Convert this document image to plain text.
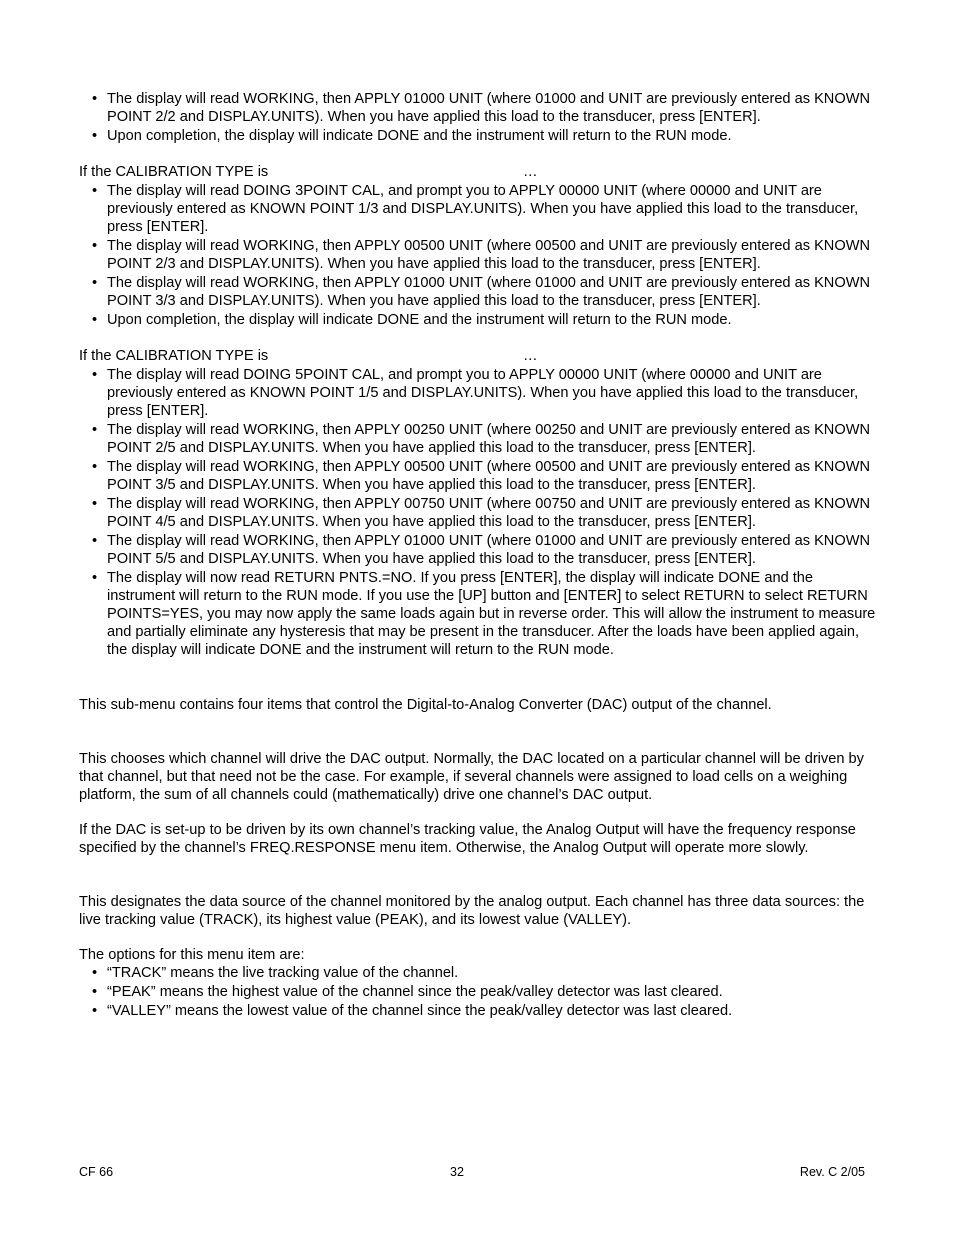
• The display will read WORKING, then APPLY 01000 UNIT (where 01000 and UNIT are previously entered as KNOWN POINT 2/2 and DISPLAY.UNITS). When you have applied this load to the transducer, press [ENTER].
• Upon completion, the display will indicate DONE and the instrument will return to the RUN mode.
If the CALIBRATION TYPE is	…
• The display will read DOING 3POINT CAL, and prompt you to APPLY 00000 UNIT (where 00000 and UNIT are previously entered as KNOWN POINT 1/3 and DISPLAY.UNITS). When you have applied this load to the transducer, press [ENTER].
• The display will read WORKING, then APPLY 00500 UNIT (where 00500 and UNIT are previously entered as KNOWN POINT 2/3 and DISPLAY.UNITS). When you have applied this load to the transducer, press [ENTER].
• The display will read WORKING, then APPLY 01000 UNIT (where 01000 and UNIT are previously entered as KNOWN POINT 3/3 and DISPLAY.UNITS). When you have applied this load to the transducer, press [ENTER].
• Upon completion, the display will indicate DONE and the instrument will return to the RUN mode.
If the CALIBRATION TYPE is	…
• The display will read DOING 5POINT CAL, and prompt you to APPLY 00000 UNIT (where 00000 and UNIT are previously entered as KNOWN POINT 1/5 and DISPLAY.UNITS). When you have applied this load to the transducer, press [ENTER].
• The display will read WORKING, then APPLY 00250 UNIT (where 00250 and UNIT are previously entered as KNOWN POINT 2/5 and DISPLAY.UNITS. When you have applied this load to the transducer, press [ENTER].
• The display will read WORKING, then APPLY 00500 UNIT (where 00500 and UNIT are previously entered as KNOWN POINT 3/5 and DISPLAY.UNITS. When you have applied this load to the transducer, press [ENTER].
• The display will read WORKING, then APPLY 00750 UNIT (where 00750 and UNIT are previously entered as KNOWN POINT 4/5 and DISPLAY.UNITS. When you have applied this load to the transducer, press [ENTER].
• The display will read WORKING, then APPLY 01000 UNIT (where 01000 and UNIT are previously entered as KNOWN POINT 5/5 and DISPLAY.UNITS. When you have applied this load to the transducer, press [ENTER].
• The display will now read RETURN PNTS.=NO. If you press [ENTER], the display will indicate DONE and the instrument will return to the RUN mode. If you use the [UP] button and [ENTER] to select RETURN to select RETURN POINTS=YES, you may now apply the same loads again but in reverse order. This will allow the instrument to measure and partially eliminate any hysteresis that may be present in the transducer. After the loads have been applied again, the display will indicate DONE and the instrument will return to the RUN mode.

This sub-menu contains four items that control the Digital-to-Analog Converter (DAC) output of the channel.

This chooses which channel will drive the DAC output. Normally, the DAC located on a particular channel will be driven by that channel, but that need not be the case. For example, if several channels were assigned to load cells on a weighing platform, the sum of all channels could (mathematically) drive one channel’s DAC output.

If the DAC is set-up to be driven by its own channel’s tracking value, the Analog Output will have the frequency response specified by the channel’s FREQ.RESPONSE menu item. Otherwise, the Analog Output will operate more slowly.

This designates the data source of the channel monitored by the analog output. Each channel has three data sources: the live tracking value (TRACK), its highest value (PEAK), and its lowest value (VALLEY).

The options for this menu item are:

• “TRACK” means the live tracking value of the channel.
• “PEAK” means the highest value of the channel since the peak/valley detector was last cleared.
• “VALLEY” means the lowest value of the channel since the peak/valley detector was last cleared.
CF 66	32	Rev. C 2/05
